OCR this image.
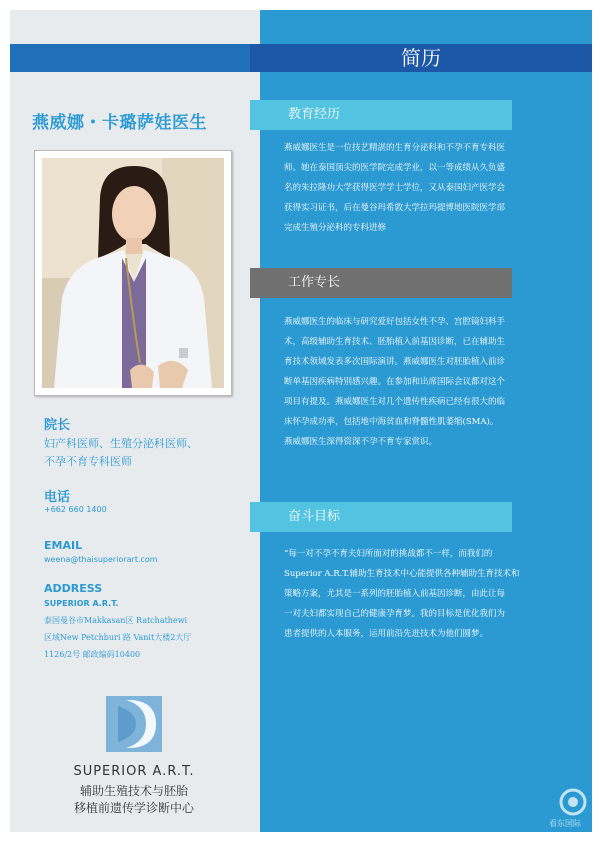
简历
燕威娜・卡璐萨娃医生
院长
妇产科医师、生殖分泌科医师、
不孕不育专科医师
电话
+662 660 1400
EMAIL
weena@thaisuperiorart.com
ADDRESS
SUPERIOR A.R.T.
泰国曼谷市Makkasan区 Ratchathewi
区域New Petchburi 路 Vanit大楼2大厅
1126/2号 邮政编码10400
SUPERIOR A.R.T.
辅助生殖技术与胚胎
移植前遗传学诊断中心
教育经历
燕威娜医生是一位技艺精湛的生育分泌科和不孕不育专科医
师。她在泰国顶尖的医学院完成学业，以一等成绩从久负盛
名的朱拉隆功大学获得医学学士学位，又从泰国妇产医学会
获得实习证书，后在曼谷玛希敦大学拉玛提博地医院医学部
完成生殖分泌科的专科进修
工作专长
燕威娜医生的临床与研究爱好包括女性不孕、宫腔镜妇科手
术，高级辅助生育技术、胚胎植入前基因诊断，已在辅助生
育技术领域发表多次国际演讲。燕威娜医生对胚胎植入前诊
断单基因疾病特别感兴趣。在参加和出席国际会议都对这个
项目有提及。燕威娜医生对几个遗传性疾病已经有很大的临
床怀孕成功率，包括地中海贫血和脊髓性肌萎缩(SMA)。
燕威娜医生深得资深不孕不育专家赏识。
奋斗目标
“每一对不孕不育夫妇所面对的挑战都不一样，而我们的
Superior A.R.T.辅助生育技术中心能提供各种辅助生育技术和
策略方案，尤其是一系列的胚胎植入前基因诊断，由此让每
一对夫妇都实现自己的健康孕育梦。我的目标是优化我们为
患者提供的人本服务，运用前沿先进技术为他们圆梦。
看东国际
